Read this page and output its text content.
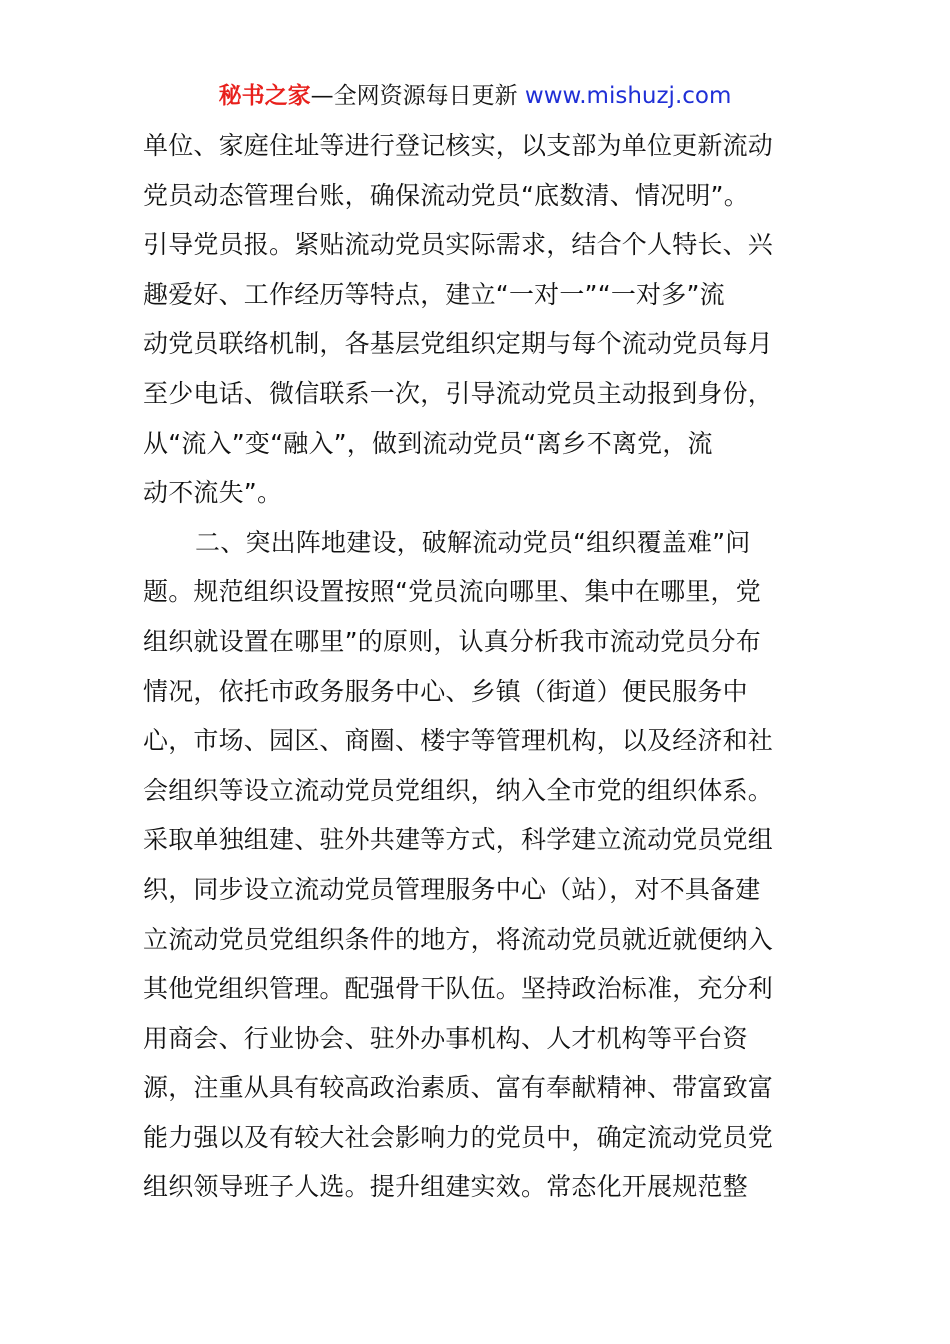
秘书之家—全网资源每日更新 www.mishuzj.com
单位、家庭住址等进行登记核实，以支部为单位更新流动
党员动态管理台账，确保流动党员“底数清、情况明”。
引导党员报。紧贴流动党员实际需求，结合个人特长、兴
趣爱好、工作经历等特点，建立“一对一”“一对多”流
动党员联络机制，各基层党组织定期与每个流动党员每月
至少电话、微信联系一次，引导流动党员主动报到身份，
从“流入”变“融入”，做到流动党员“离乡不离党，流
动不流失”。
二、突出阵地建设，破解流动党员“组织覆盖难”问
题。规范组织设置按照“党员流向哪里、集中在哪里，党
组织就设置在哪里”的原则，认真分析我市流动党员分布
情况，依托市政务服务中心、乡镇（街道）便民服务中
心，市场、园区、商圈、楼宇等管理机构，以及经济和社
会组织等设立流动党员党组织，纳入全市党的组织体系。
采取单独组建、驻外共建等方式，科学建立流动党员党组
织，同步设立流动党员管理服务中心（站），对不具备建
立流动党员党组织条件的地方，将流动党员就近就便纳入
其他党组织管理。配强骨干队伍。坚持政治标准，充分利
用商会、行业协会、驻外办事机构、人才机构等平台资
源，注重从具有较高政治素质、富有奉献精神、带富致富
能力强以及有较大社会影响力的党员中，确定流动党员党
组织领导班子人选。提升组建实效。常态化开展规范整
